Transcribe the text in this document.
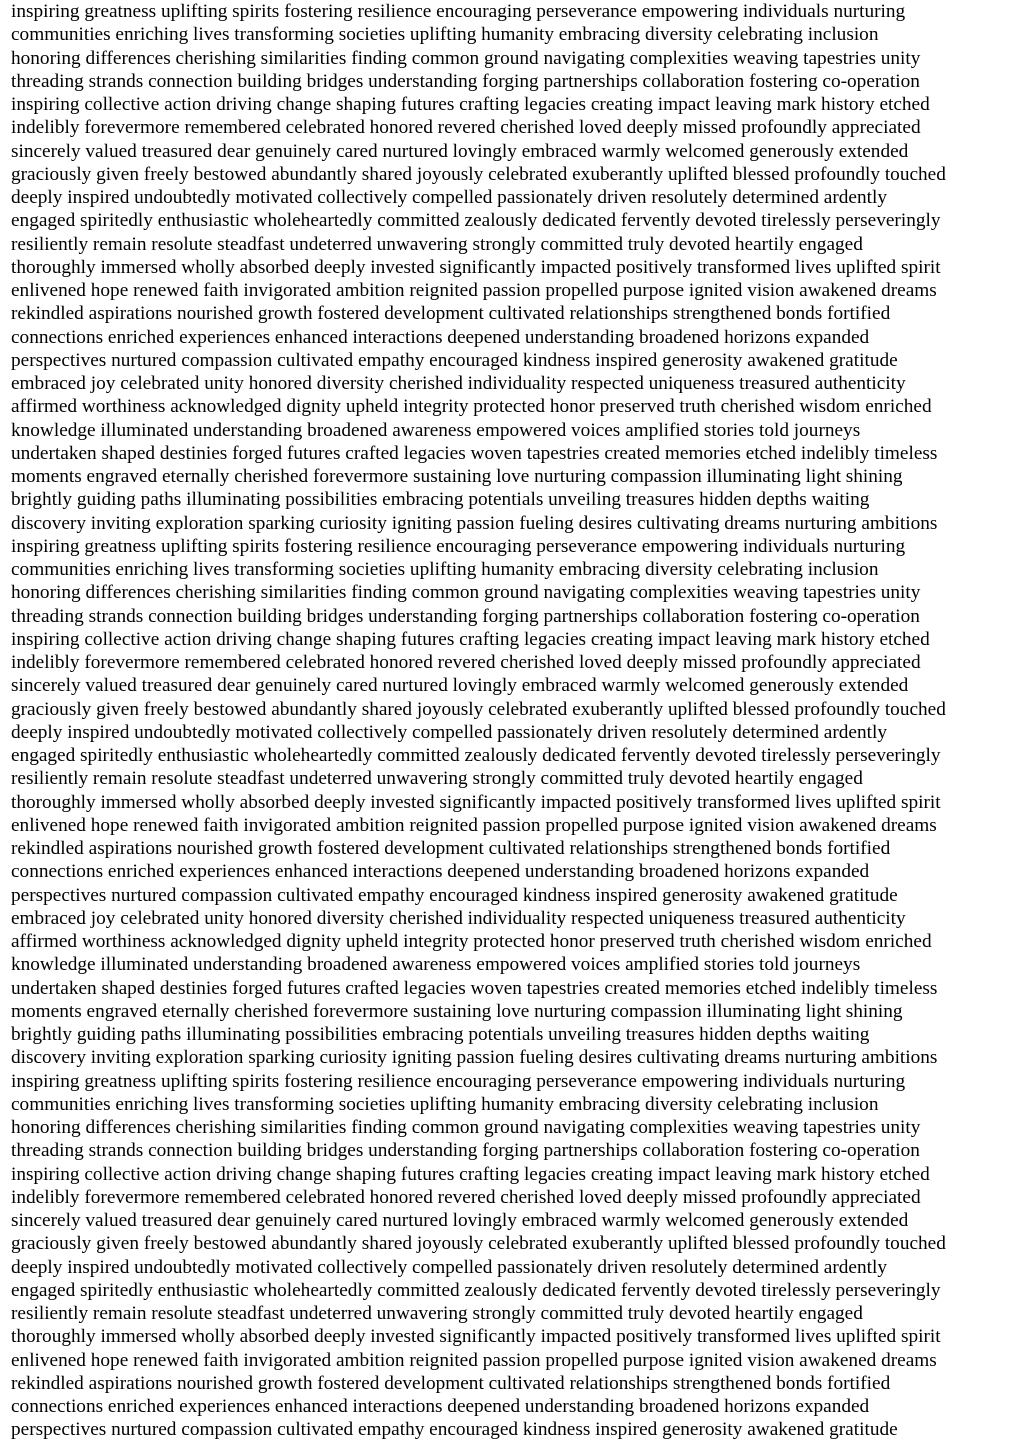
inspiring greatness uplifting spirits fostering resilience encouraging perseverance empowering individuals nurturing

communities enriching lives transforming societies uplifting humanity embracing diversity celebrating inclusion

honoring differences cherishing similarities finding common ground navigating complexities weaving tapestries unity

threading strands connection building bridges understanding forging partnerships collaboration fostering co-operation

inspiring collective action driving change shaping futures crafting legacies creating impact leaving mark history etched

indelibly forevermore remembered celebrated honored revered cherished loved deeply missed profoundly appreciated

sincerely valued treasured dear genuinely cared nurtured lovingly embraced warmly welcomed generously extended

graciously given freely bestowed abundantly shared joyously celebrated exuberantly uplifted blessed profoundly touched

deeply inspired undoubtedly motivated collectively compelled passionately driven resolutely determined ardently

engaged spiritedly enthusiastic wholeheartedly committed zealously dedicated fervently devoted tirelessly perseveringly

resiliently remain resolute steadfast undeterred unwavering strongly committed truly devoted heartily engaged

thoroughly immersed wholly absorbed deeply invested significantly impacted positively transformed lives uplifted spirit

enlivened hope renewed faith invigorated ambition reignited passion propelled purpose ignited vision awakened dreams

rekindled aspirations nourished growth fostered development cultivated relationships strengthened bonds fortified

connections enriched experiences enhanced interactions deepened understanding broadened horizons expanded

perspectives nurtured compassion cultivated empathy encouraged kindness inspired generosity awakened gratitude

embraced joy celebrated unity honored diversity cherished individuality respected uniqueness treasured authenticity

affirmed worthiness acknowledged dignity upheld integrity protected honor preserved truth cherished wisdom enriched

knowledge illuminated understanding broadened awareness empowered voices amplified stories told journeys

undertaken shaped destinies forged futures crafted legacies woven tapestries created memories etched indelibly timeless

moments engraved eternally cherished forevermore sustaining love nurturing compassion illuminating light shining

brightly guiding paths illuminating possibilities embracing potentials unveiling treasures hidden depths waiting

discovery inviting exploration sparking curiosity igniting passion fueling desires cultivating dreams nurturing ambitions

inspiring greatness uplifting spirits fostering resilience encouraging perseverance empowering individuals nurturing

communities enriching lives transforming societies uplifting humanity embracing diversity celebrating inclusion

honoring differences cherishing similarities finding common ground navigating complexities weaving tapestries unity

threading strands connection building bridges understanding forging partnerships collaboration fostering co-operation

inspiring collective action driving change shaping futures crafting legacies creating impact leaving mark history etched

indelibly forevermore remembered celebrated honored revered cherished loved deeply missed profoundly appreciated

sincerely valued treasured dear genuinely cared nurtured lovingly embraced warmly welcomed generously extended

graciously given freely bestowed abundantly shared joyously celebrated exuberantly uplifted blessed profoundly touched

deeply inspired undoubtedly motivated collectively compelled passionately driven resolutely determined ardently

engaged spiritedly enthusiastic wholeheartedly committed zealously dedicated fervently devoted tirelessly perseveringly

resiliently remain resolute steadfast undeterred unwavering strongly committed truly devoted heartily engaged

thoroughly immersed wholly absorbed deeply invested significantly impacted positively transformed lives uplifted spirit

enlivened hope renewed faith invigorated ambition reignited passion propelled purpose ignited vision awakened dreams

rekindled aspirations nourished growth fostered development cultivated relationships strengthened bonds fortified

connections enriched experiences enhanced interactions deepened understanding broadened horizons expanded

perspectives nurtured compassion cultivated empathy encouraged kindness inspired generosity awakened gratitude

embraced joy celebrated unity honored diversity cherished individuality respected uniqueness treasured authenticity

affirmed worthiness acknowledged dignity upheld integrity protected honor preserved truth cherished wisdom enriched

knowledge illuminated understanding broadened awareness empowered voices amplified stories told journeys

undertaken shaped destinies forged futures crafted legacies woven tapestries created memories etched indelibly timeless

moments engraved eternally cherished forevermore sustaining love nurturing compassion illuminating light shining

brightly guiding paths illuminating possibilities embracing potentials unveiling treasures hidden depths waiting

discovery inviting exploration sparking curiosity igniting passion fueling desires cultivating dreams nurturing ambitions

inspiring greatness uplifting spirits fostering resilience encouraging perseverance empowering individuals nurturing

communities enriching lives transforming societies uplifting humanity embracing diversity celebrating inclusion

honoring differences cherishing similarities finding common ground navigating complexities weaving tapestries unity

threading strands connection building bridges understanding forging partnerships collaboration fostering co-operation

inspiring collective action driving change shaping futures crafting legacies creating impact leaving mark history etched

indelibly forevermore remembered celebrated honored revered cherished loved deeply missed profoundly appreciated

sincerely valued treasured dear genuinely cared nurtured lovingly embraced warmly welcomed generously extended

graciously given freely bestowed abundantly shared joyously celebrated exuberantly uplifted blessed profoundly touched

deeply inspired undoubtedly motivated collectively compelled passionately driven resolutely determined ardently

engaged spiritedly enthusiastic wholeheartedly committed zealously dedicated fervently devoted tirelessly perseveringly

resiliently remain resolute steadfast undeterred unwavering strongly committed truly devoted heartily engaged

thoroughly immersed wholly absorbed deeply invested significantly impacted positively transformed lives uplifted spirit

enlivened hope renewed faith invigorated ambition reignited passion propelled purpose ignited vision awakened dreams

rekindled aspirations nourished growth fostered development cultivated relationships strengthened bonds fortified

connections enriched experiences enhanced interactions deepened understanding broadened horizons expanded

perspectives nurtured compassion cultivated empathy encouraged kindness inspired generosity awakened gratitude
